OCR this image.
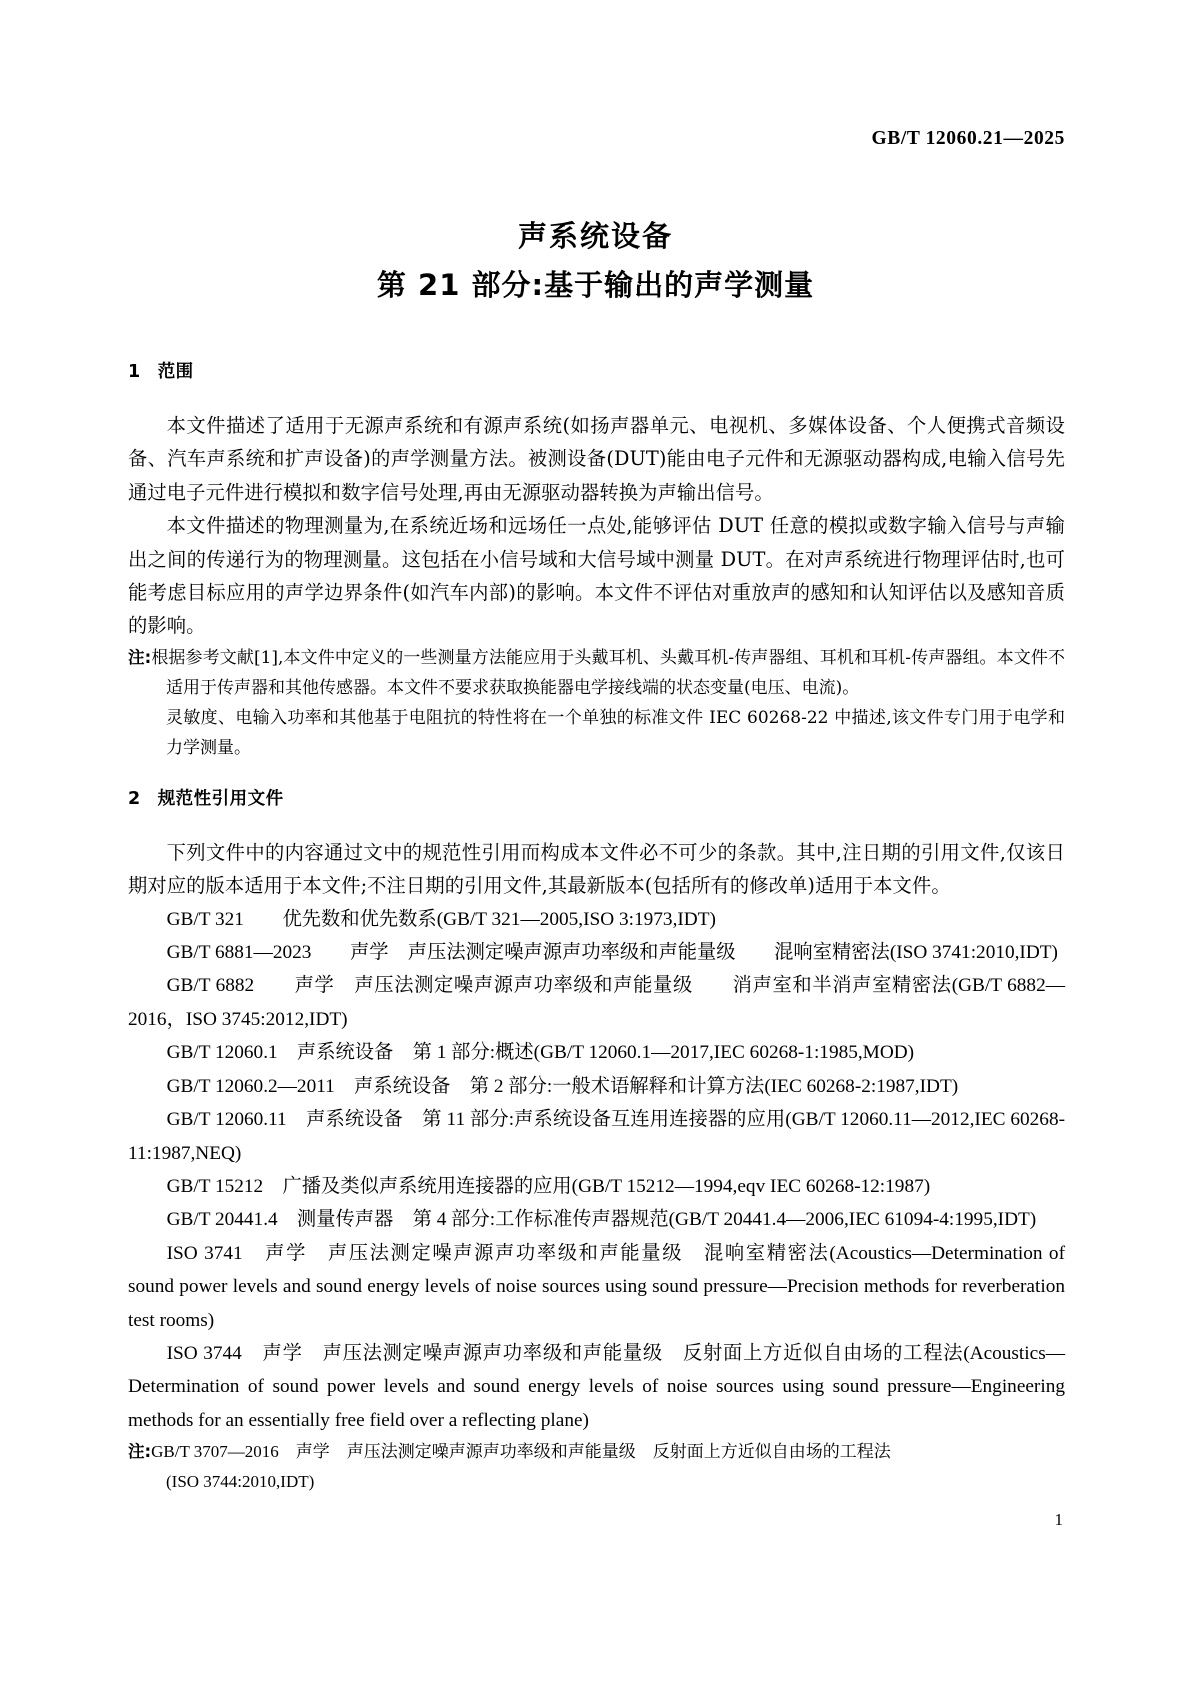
GB/T 12060.21—2025
声系统设备
第 21 部分:基于输出的声学测量
1 范围

本文件描述了适用于无源声系统和有源声系统(如扬声器单元、电视机、多媒体设备、个人便携式音频设备、汽车声系统和扩声设备)的声学测量方法。被测设备(DUT)能由电子元件和无源驱动器构成,电输入信号先通过电子元件进行模拟和数字信号处理,再由无源驱动器转换为声输出信号。

本文件描述的物理测量为,在系统近场和远场任一点处,能够评估 DUT 任意的模拟或数字输入信号与声输出之间的传递行为的物理测量。这包括在小信号域和大信号域中测量 DUT。在对声系统进行物理评估时,也可能考虑目标应用的声学边界条件(如汽车内部)的影响。本文件不评估对重放声的感知和认知评估以及感知音质的影响。

注:根据参考文献[1],本文件中定义的一些测量方法能应用于头戴耳机、头戴耳机-传声器组、耳机和耳机-传声器组。本文件不适用于传声器和其他传感器。本文件不要求获取换能器电学接线端的状态变量(电压、电流)。

灵敏度、电输入功率和其他基于电阻抗的特性将在一个单独的标准文件 IEC 60268-22 中描述,该文件专门用于电学和力学测量。

2 规范性引用文件

下列文件中的内容通过文中的规范性引用而构成本文件必不可少的条款。其中,注日期的引用文件,仅该日期对应的版本适用于本文件;不注日期的引用文件,其最新版本(包括所有的修改单)适用于本文件。

GB/T 321　　优先数和优先数系(GB/T 321—2005,ISO 3:1973,IDT)

GB/T 6881—2023　　声学　声压法测定噪声源声功率级和声能量级　　混响室精密法(ISO 3741:2010,IDT)

GB/T 6882　　声学　声压法测定噪声源声功率级和声能量级　　消声室和半消声室精密法(GB/T 6882—2016，ISO 3745:2012,IDT)

GB/T 12060.1　声系统设备　第 1 部分:概述(GB/T 12060.1—2017,IEC 60268-1:1985,MOD)

GB/T 12060.2—2011　声系统设备　第 2 部分:一般术语解释和计算方法(IEC 60268-2:1987,IDT)

GB/T 12060.11　声系统设备　第 11 部分:声系统设备互连用连接器的应用(GB/T 12060.11—2012,IEC 60268-11:1987,NEQ)

GB/T 15212　广播及类似声系统用连接器的应用(GB/T 15212—1994,eqv IEC 60268-12:1987)

GB/T 20441.4　测量传声器　第 4 部分:工作标准传声器规范(GB/T 20441.4—2006,IEC 61094-4:1995,IDT)

ISO 3741　声学　声压法测定噪声源声功率级和声能量级　混响室精密法(Acoustics—Determination of sound power levels and sound energy levels of noise sources using sound pressure—Precision methods for reverberation test rooms)

ISO 3744　声学　声压法测定噪声源声功率级和声能量级　反射面上方近似自由场的工程法(Acoustics—Determination of sound power levels and sound energy levels of noise sources using sound pressure—Engineering methods for an essentially free field over a reflecting plane)

注:GB/T 3707—2016　声学　声压法测定噪声源声功率级和声能量级　反射面上方近似自由场的工程法

(ISO 3744:2010,IDT)

1
